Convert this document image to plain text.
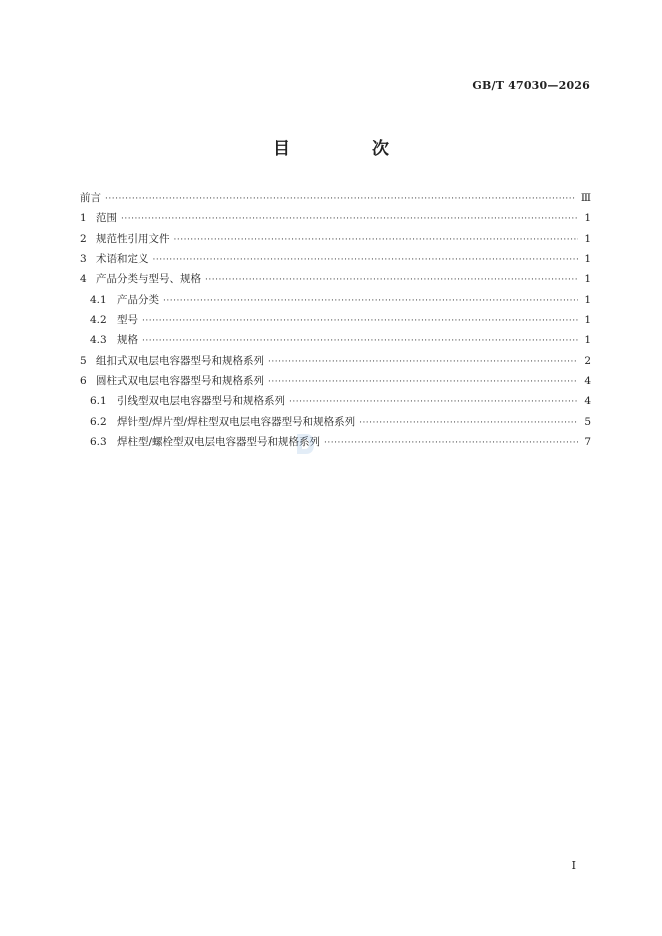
GB/T 47030—2026
目 次
前言 ·····	Ⅲ
1 范围 ·····	1
2 规范性引用文件 ·····	1
3 术语和定义 ·····	1
4 产品分类与型号、规格 ·····	1
4.1 产品分类 ·····	1
4.2 型号 ·····	1
4.3 规格 ·····	1
5 组扣式双电层电容器型号和规格系列 ·····	2
6 圆柱式双电层电容器型号和规格系列 ·····	4
6.1 引线型双电层电容器型号和规格系列 ·····	4
6.2 焊针型/焊片型/焊柱型双电层电容器型号和规格系列 ·····	5
6.3 焊柱型/螺栓型双电层电容器型号和规格系列 ·····	7
I
